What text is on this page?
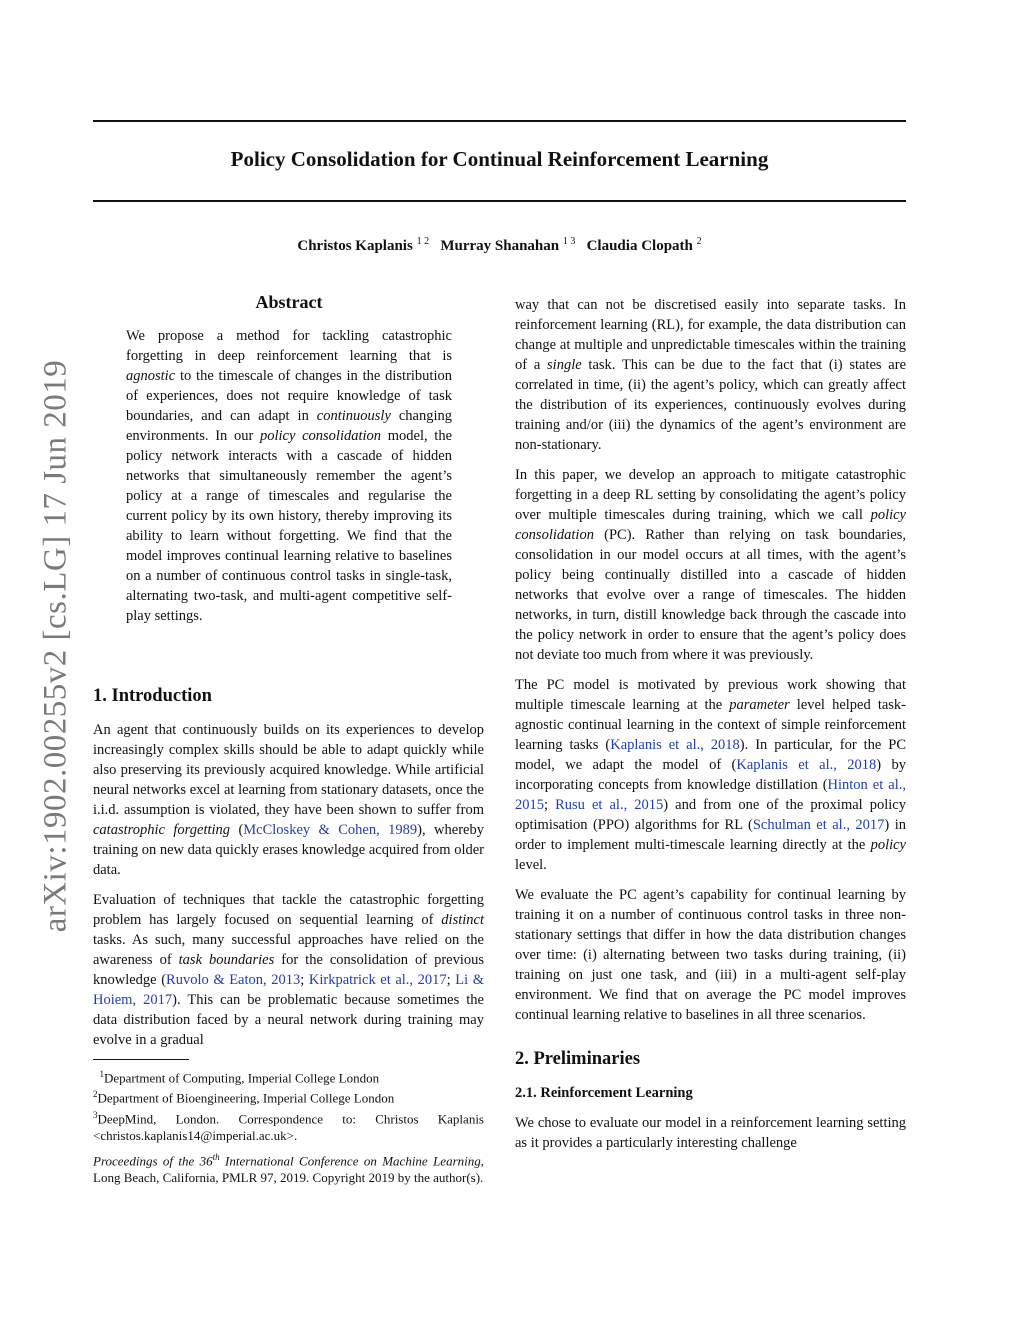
arXiv:1902.00255v2 [cs.LG] 17 Jun 2019
Policy Consolidation for Continual Reinforcement Learning
Christos Kaplanis $^{1 2}$ Murray Shanahan $^{1 3}$ Claudia Clopath $^2$
Abstract

We propose a method for tackling catastrophic forgetting in deep reinforcement learning that is agnostic to the timescale of changes in the distribution of experiences, does not require knowledge of task boundaries, and can adapt in continuously changing environments. In our policy consolidation model, the policy network interacts with a cascade of hidden networks that simultaneously remember the agent’s policy at a range of timescales and regularise the current policy by its own history, thereby improving its ability to learn without forgetting. We find that the model improves continual learning relative to baselines on a number of continuous control tasks in single-task, alternating two-task, and multi-agent competitive self-play settings.

1. Introduction

An agent that continuously builds on its experiences to develop increasingly complex skills should be able to adapt quickly while also preserving its previously acquired knowledge. While artificial neural networks excel at learning from stationary datasets, once the i.i.d. assumption is violated, they have been shown to suffer from catastrophic forgetting (McCloskey & Cohen, 1989), whereby training on new data quickly erases knowledge acquired from older data.

Evaluation of techniques that tackle the catastrophic forgetting problem has largely focused on sequential learning of distinct tasks. As such, many successful approaches have relied on the awareness of task boundaries for the consolidation of previous knowledge (Ruvolo & Eaton, 2013; Kirkpatrick et al., 2017; Li & Hoiem, 2017). This can be problematic because sometimes the data distribution faced by a neural network during training may evolve in a gradual

$^1$Department of Computing, Imperial College London
$^2$Department of Bioengineering, Imperial College London
$^3$DeepMind, London. Correspondence to: Christos Kaplanis <christos.kaplanis14@imperial.ac.uk>.
Proceedings of the 36th International Conference on Machine Learning, Long Beach, California, PMLR 97, 2019. Copyright 2019 by the author(s).

way that can not be discretised easily into separate tasks. In reinforcement learning (RL), for example, the data distribution can change at multiple and unpredictable timescales within the training of a single task. This can be due to the fact that (i) states are correlated in time, (ii) the agent’s policy, which can greatly affect the distribution of its experiences, continuously evolves during training and/or (iii) the dynamics of the agent’s environment are non-stationary.

In this paper, we develop an approach to mitigate catastrophic forgetting in a deep RL setting by consolidating the agent’s policy over multiple timescales during training, which we call policy consolidation (PC). Rather than relying on task boundaries, consolidation in our model occurs at all times, with the agent’s policy being continually distilled into a cascade of hidden networks that evolve over a range of timescales. The hidden networks, in turn, distill knowledge back through the cascade into the policy network in order to ensure that the agent’s policy does not deviate too much from where it was previously.

The PC model is motivated by previous work showing that multiple timescale learning at the parameter level helped task-agnostic continual learning in the context of simple reinforcement learning tasks (Kaplanis et al., 2018). In particular, for the PC model, we adapt the model of (Kaplanis et al., 2018) by incorporating concepts from knowledge distillation (Hinton et al., 2015; Rusu et al., 2015) and from one of the proximal policy optimisation (PPO) algorithms for RL (Schulman et al., 2017) in order to implement multi-timescale learning directly at the policy level.

We evaluate the PC agent’s capability for continual learning by training it on a number of continuous control tasks in three non-stationary settings that differ in how the data distribution changes over time: (i) alternating between two tasks during training, (ii) training on just one task, and (iii) in a multi-agent self-play environment. We find that on average the PC model improves continual learning relative to baselines in all three scenarios.

2. Preliminaries
2.1. Reinforcement Learning

We chose to evaluate our model in a reinforcement learning setting as it provides a particularly interesting challenge
